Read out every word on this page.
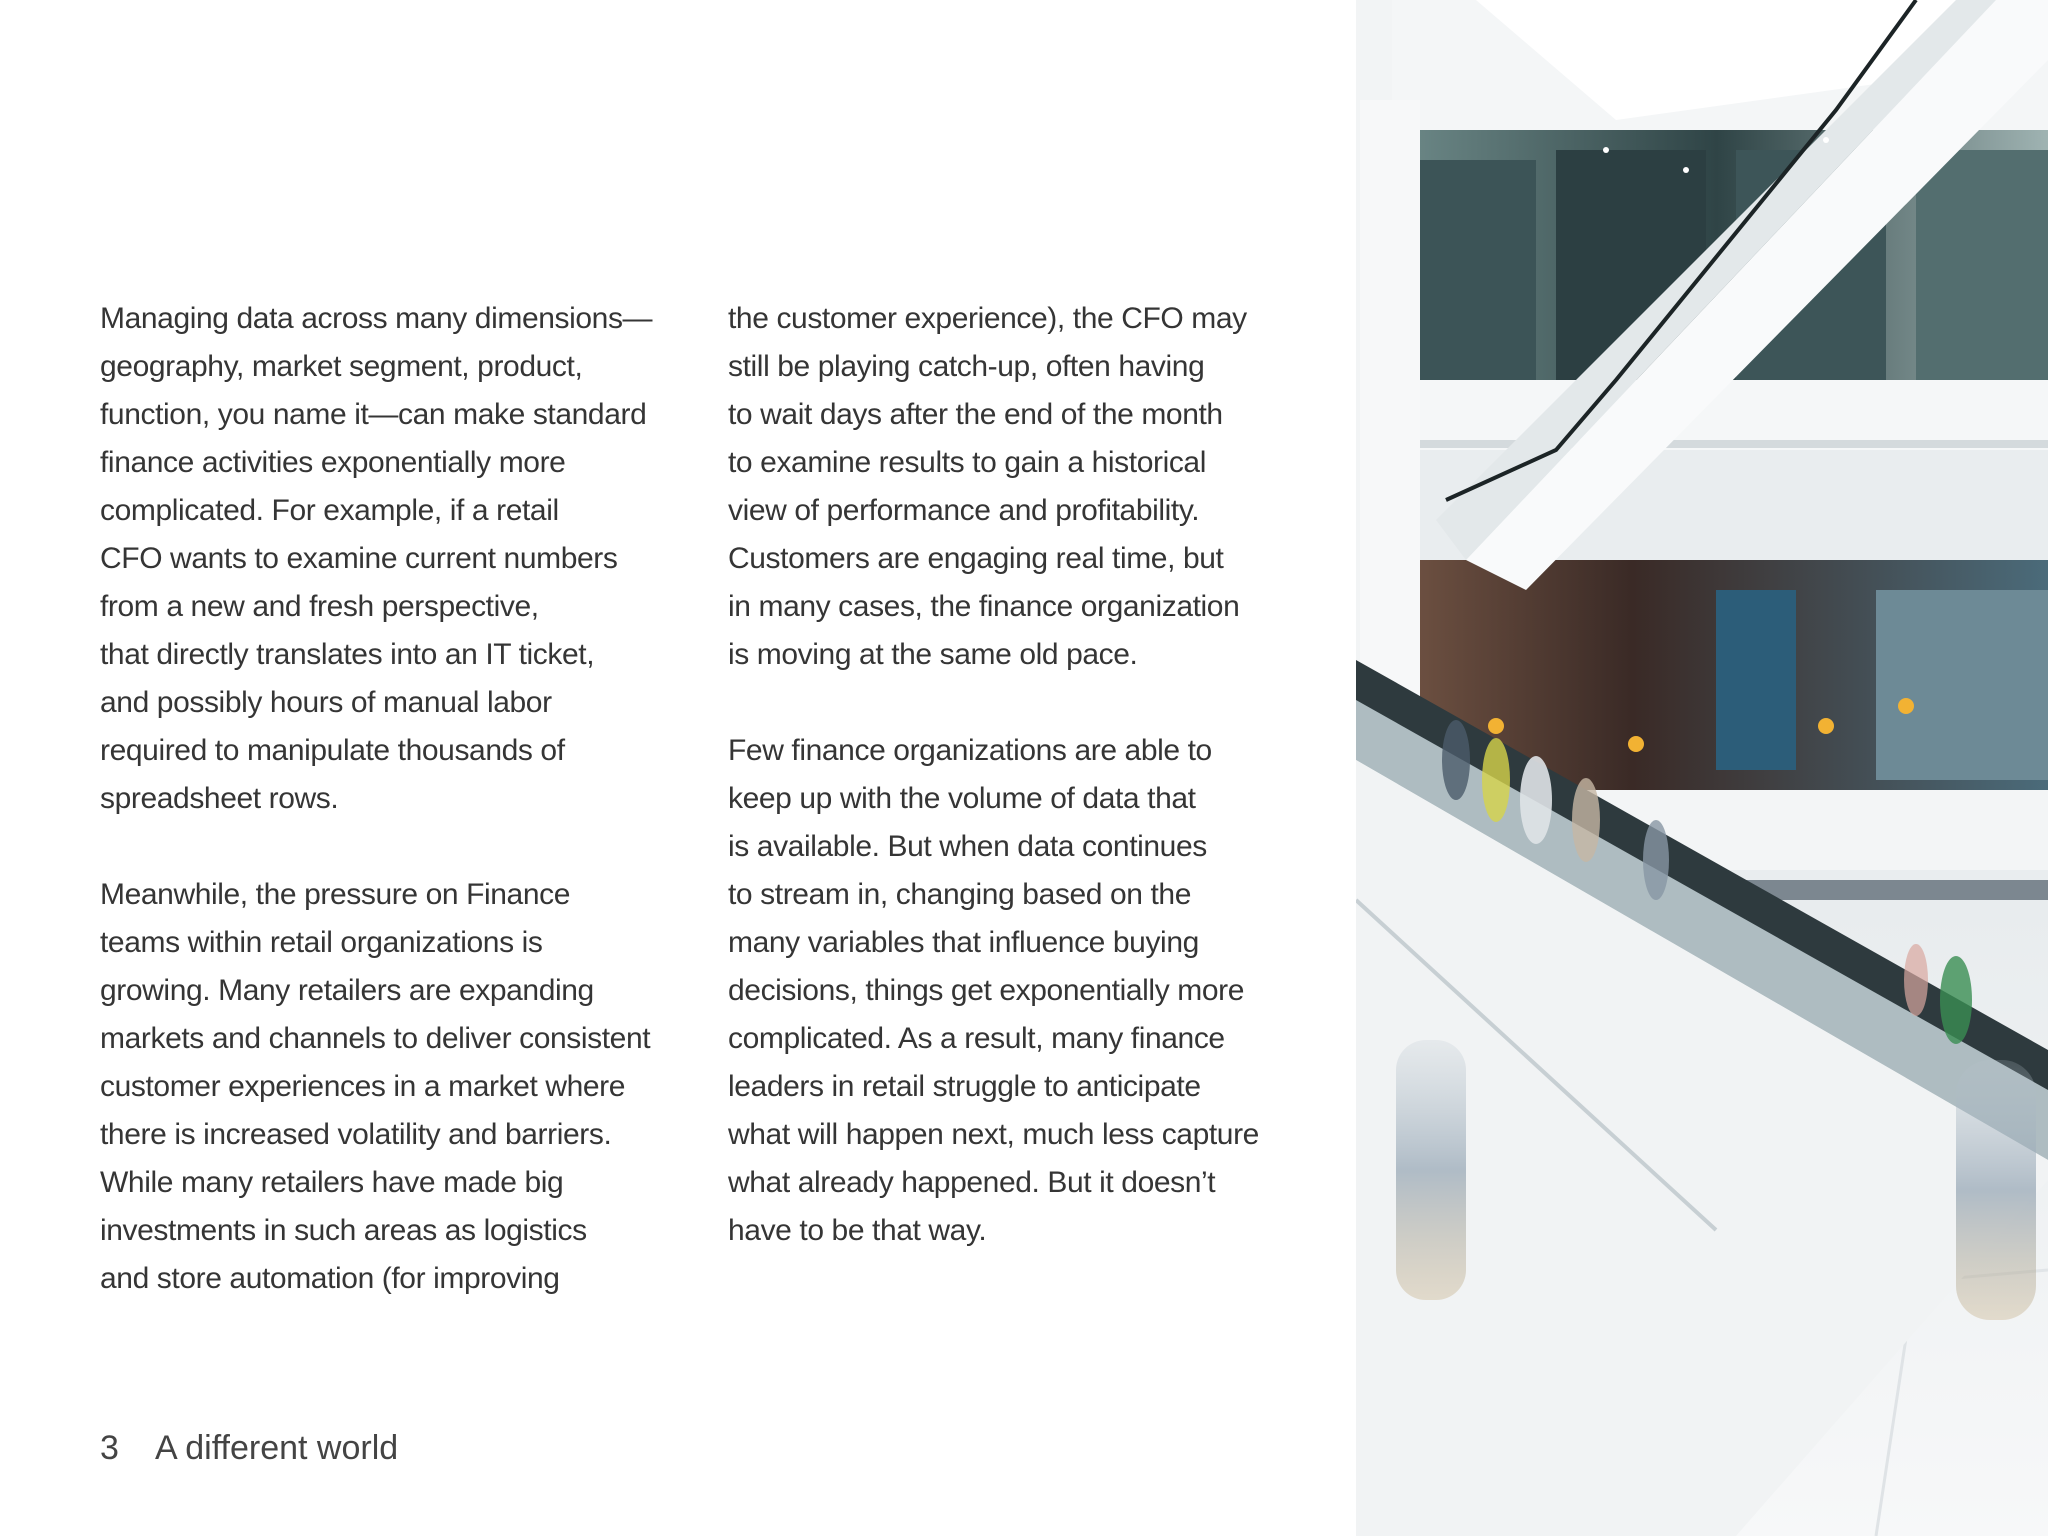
Managing data across many dimensions—
geography, market segment, product,
function, you name it—can make standard
finance activities exponentially more
complicated. For example, if a retail
CFO wants to examine current numbers
from a new and fresh perspective,
that directly translates into an IT ticket,
and possibly hours of manual labor
required to manipulate thousands of
spreadsheet rows.
Meanwhile, the pressure on Finance
teams within retail organizations is
growing. Many retailers are expanding
markets and channels to deliver consistent
customer experiences in a market where
there is increased volatility and barriers.
While many retailers have made big
investments in such areas as logistics
and store automation (for improving
the customer experience), the CFO may
still be playing catch-up, often having
to wait days after the end of the month
to examine results to gain a historical
view of performance and profitability.
Customers are engaging real time, but
in many cases, the finance organization
is moving at the same old pace.
Few finance organizations are able to
keep up with the volume of data that
is available. But when data continues
to stream in, changing based on the
many variables that influence buying
decisions, things get exponentially more
complicated. As a result, many finance
leaders in retail struggle to anticipate
what will happen next, much less capture
what already happened. But it doesn’t
have to be that way.
3 A different world
